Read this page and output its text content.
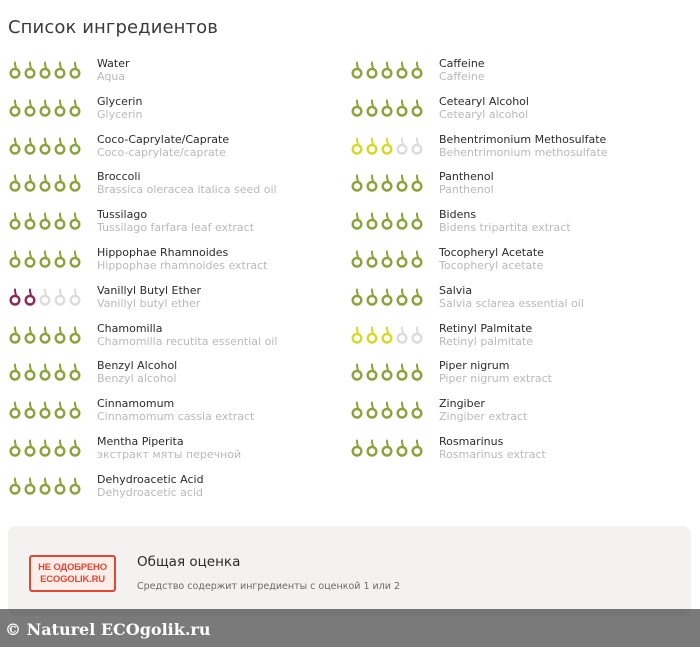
Список ингредиентов
Water
Aqua
Glycerin
Glycerin
Coco-Caprylate/Caprate
Coco-caprylate/caprate
Broccoli
Brassica oleracea italica seed oil
Tussilago
Tussilago farfara leaf extract
Hippophae Rhamnoides
Hippophae rhamnoides extract
Vanillyl Butyl Ether
Vanillyl butyl ether
Chamomilla
Chamomilla recutita essential oil
Benzyl Alcohol
Benzyl alcohol
Cinnamomum
Cinnamomum cassia extract
Mentha Piperita
экстракт мяты перечной
Dehydroacetic Acid
Dehydroacetic acid
Caffeine
Caffeine
Cetearyl Alcohol
Cetearyl alcohol
Behentrimonium Methosulfate
Behentrimonium methosulfate
Panthenol
Panthenol
Bidens
Bidens tripartita extract
Tocopheryl Acetate
Tocopheryl acetate
Salvia
Salvia sclarea essential oil
Retinyl Palmitate
Retinyl palmitate
Piper nigrum
Piper nigrum extract
Zingiber
Zingiber extract
Rosmarinus
Rosmarinus extract
НЕ ОДОБРЕНО
ECOGOLIK.RU
Общая оценка
Средство содержит ингредиенты с оценкой 1 или 2
© Naturel ECOgolik.ru
